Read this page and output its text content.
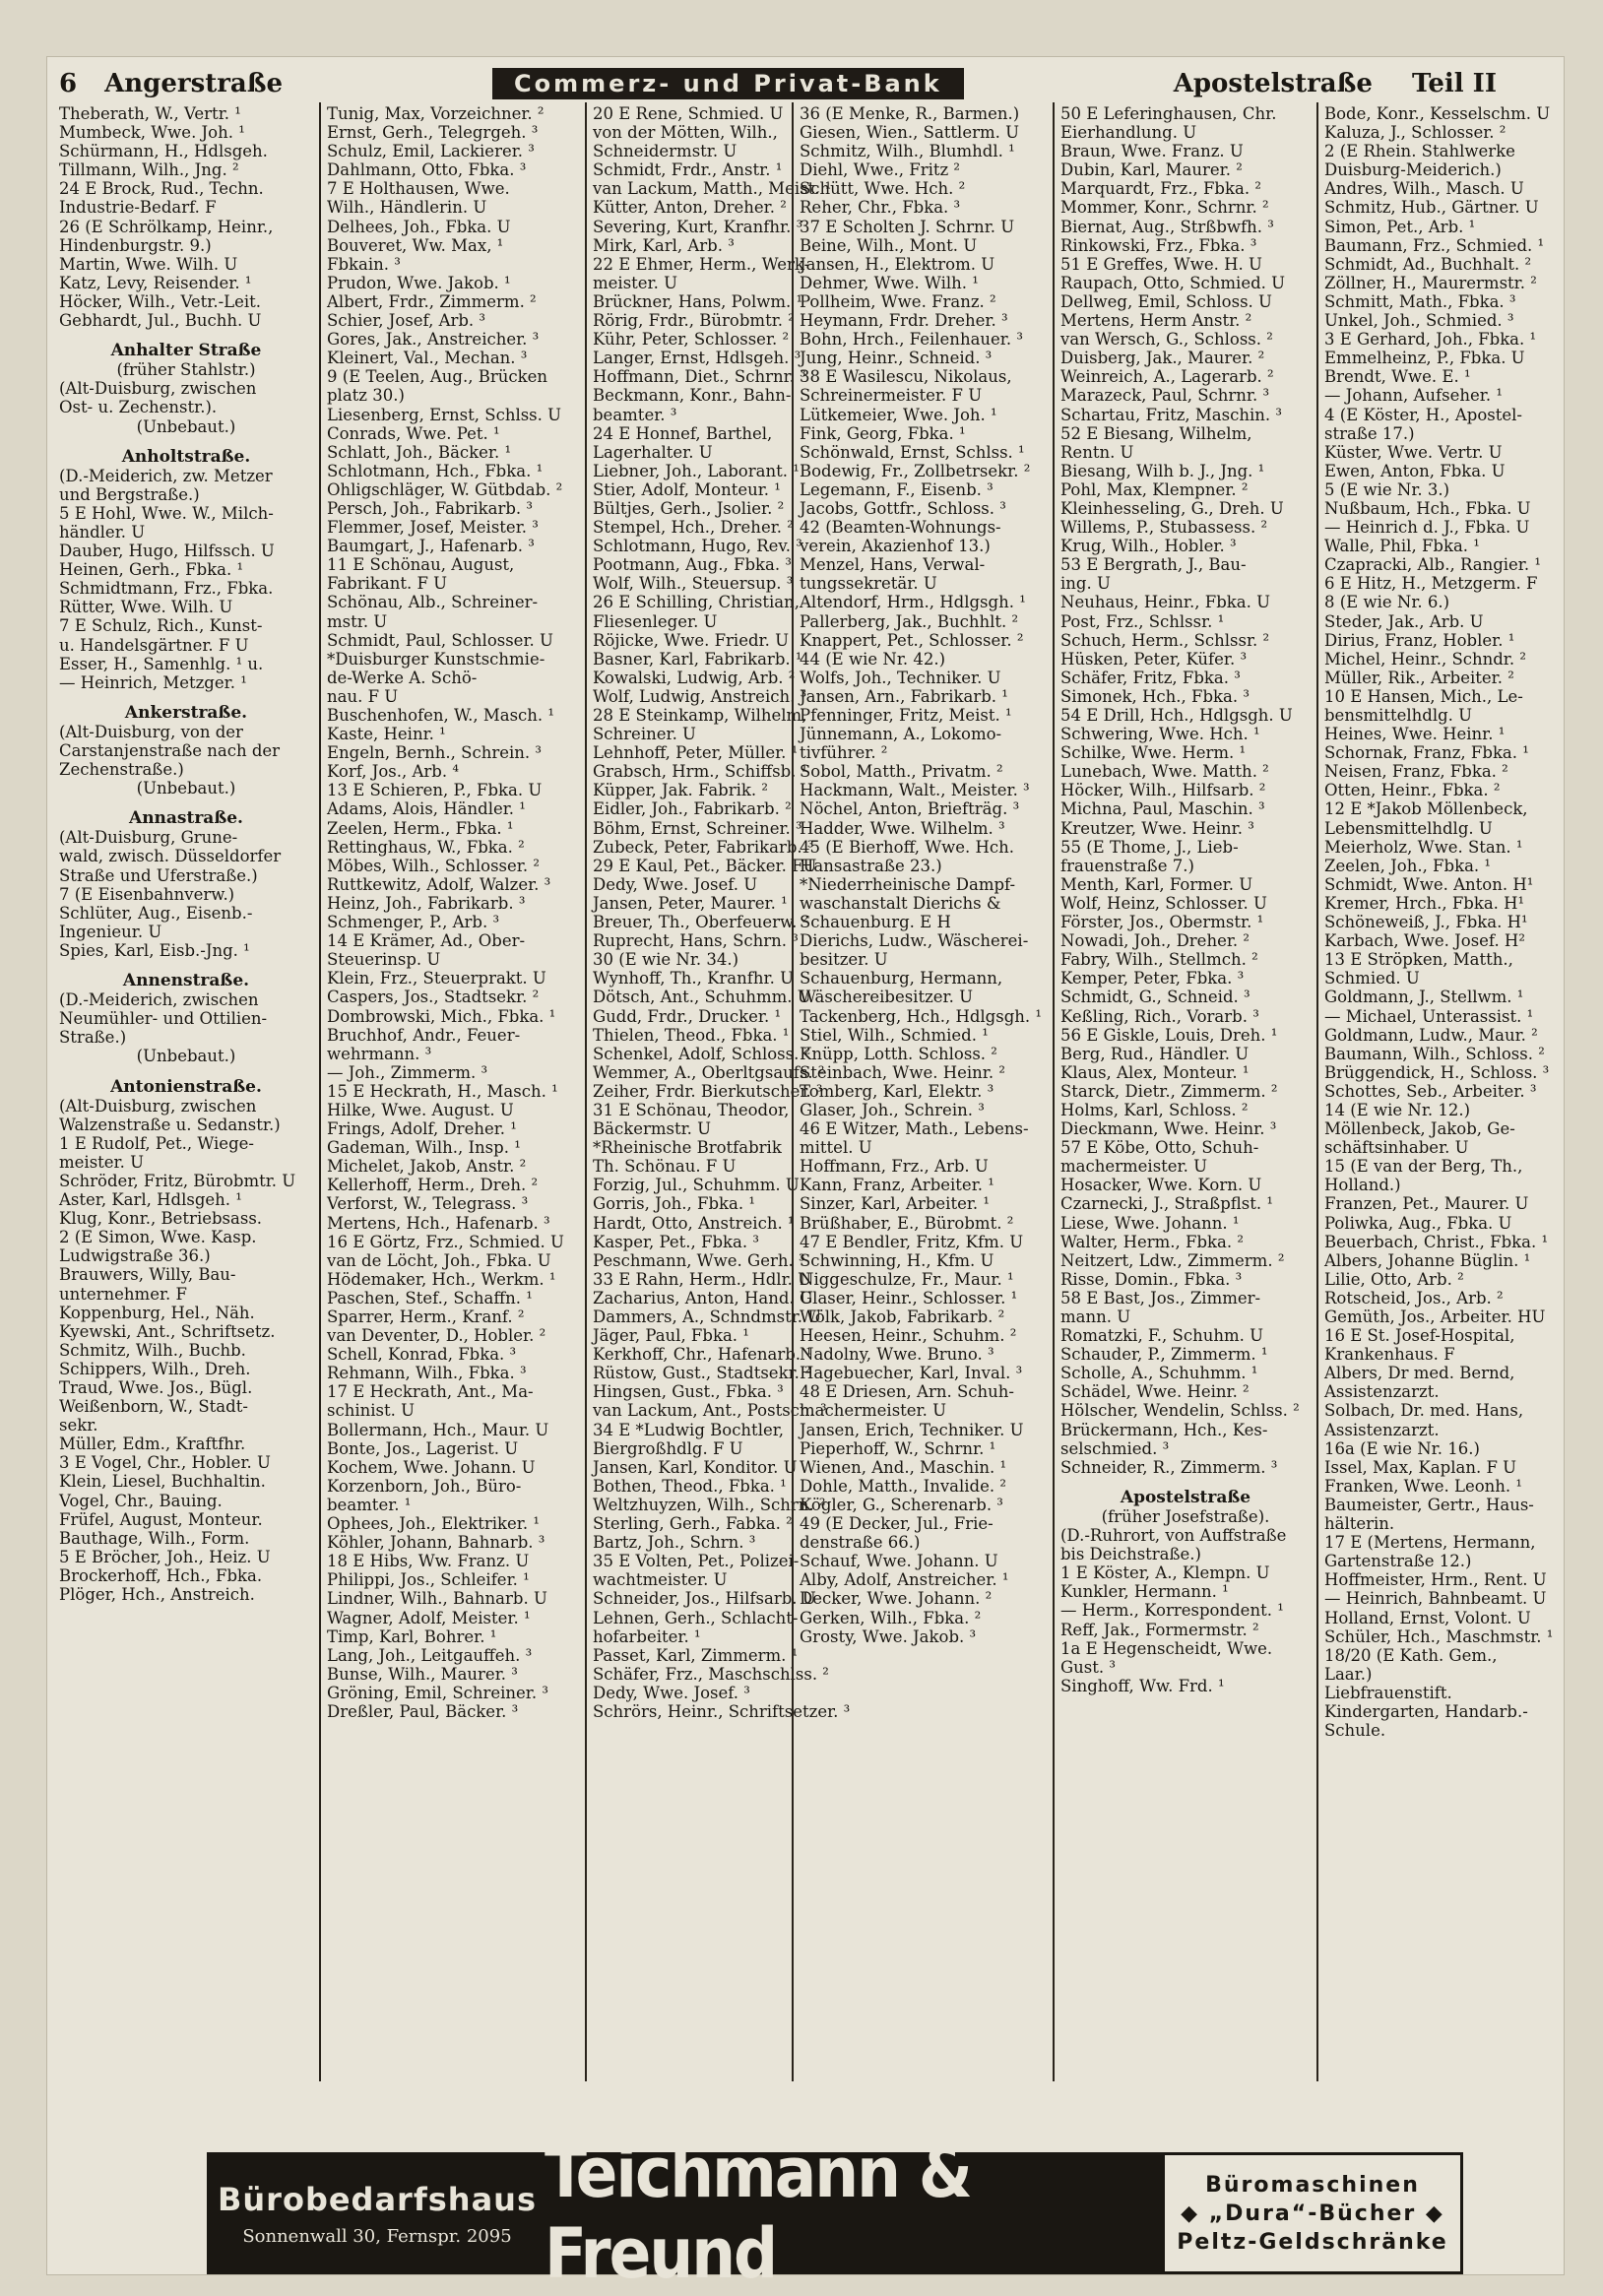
6 Angerstraße	Commerz- und Privat-Bank	Apostelstraße Teil II
Theberath, W., Vertr. ¹
Mumbeck, Wwe. Joh. ¹
Schürmann, H., Hdlsgeh.
Tillmann, Wilh., Jng. ²
24 E Brock, Rud., Techn.
Industrie-Bedarf. F
26 (E Schrölkamp, Heinr.,
Hindenburgstr. 9.)
Martin, Wwe. Wilh. U
Katz, Levy, Reisender. ¹
Höcker, Wilh., Vetr.-Leit.
Gebhardt, Jul., Buchh. U
Anhalter Straße
(früher Stahlstr.)
(Alt-Duisburg, zwischen
Ost- u. Zechenstr.).
(Unbebaut.)
Anholtstraße.
(D.-Meiderich, zw. Metzer
und Bergstraße.)
5 E Hohl, Wwe. W., Milch-
händler. U
Dauber, Hugo, Hilfssch. U
Heinen, Gerh., Fbka. ¹
Schmidtmann, Frz., Fbka.
Rütter, Wwe. Wilh. U
7 E Schulz, Rich., Kunst-
u. Handelsgärtner. F U
Esser, H., Samenhlg. ¹ u.
— Heinrich, Metzger. ¹
Ankerstraße.
(Alt-Duisburg, von der
Carstanjenstraße nach der
Zechenstraße.)
(Unbebaut.)
Annastraße.
(Alt-Duisburg, Grune-
wald, zwisch. Düsseldorfer
Straße und Uferstraße.)
7 (E Eisenbahnverw.)
Schlüter, Aug., Eisenb.-
Ingenieur. U
Spies, Karl, Eisb.-Jng. ¹
Annenstraße.
(D.-Meiderich, zwischen
Neumühler- und Ottilien-
Straße.)
(Unbebaut.)
Antonienstraße.
(Alt-Duisburg, zwischen
Walzenstraße u. Sedanstr.)
1 E Rudolf, Pet., Wiege-
meister. U
Schröder, Fritz, Bürobmtr. U
Aster, Karl, Hdlsgeh. ¹
Klug, Konr., Betriebsass.
2 (E Simon, Wwe. Kasp.
Ludwigstraße 36.)
Brauwers, Willy, Bau-
unternehmer. F
Koppenburg, Hel., Näh.
Kyewski, Ant., Schriftsetz.
Schmitz, Wilh., Buchb.
Schippers, Wilh., Dreh.
Traud, Wwe. Jos., Bügl.
Weißenborn, W., Stadt-
sekr.
Müller, Edm., Kraftfhr.
3 E Vogel, Chr., Hobler. U
Klein, Liesel, Buchhaltin.
Vogel, Chr., Bauing.
Früfel, August, Monteur.
Bauthage, Wilh., Form.
5 E Bröcher, Joh., Heiz. U
Brockerhoff, Hch., Fbka.
Plöger, Hch., Anstreich.
Tunig, Max, Vorzeichner. ²
Ernst, Gerh., Telegrgeh. ³
Schulz, Emil, Lackierer. ³
Dahlmann, Otto, Fbka. ³
7 E Holthausen, Wwe.
Wilh., Händlerin. U
Delhees, Joh., Fbka. U
Bouveret, Ww. Max, ¹
Fbkain. ³
Prudon, Wwe. Jakob. ¹
Albert, Frdr., Zimmerm. ²
Schier, Josef, Arb. ³
Gores, Jak., Anstreicher. ³
Kleinert, Val., Mechan. ³
9 (E Teelen, Aug., Brücken
platz 30.)
Liesenberg, Ernst, Schlss. U
Conrads, Wwe. Pet. ¹
Schlatt, Joh., Bäcker. ¹
Schlotmann, Hch., Fbka. ¹
Ohligschläger, W. Gütbdab. ²
Persch, Joh., Fabrikarb. ³
Flemmer, Josef, Meister. ³
Baumgart, J., Hafenarb. ³
11 E Schönau, August,
Fabrikant. F U
Schönau, Alb., Schreiner-
mstr. U
Schmidt, Paul, Schlosser. U
*Duisburger Kunstschmie-
de-Werke A. Schö-
nau. F U
Buschenhofen, W., Masch. ¹
Kaste, Heinr. ¹
Engeln, Bernh., Schrein. ³
Korf, Jos., Arb. ⁴
13 E Schieren, P., Fbka. U
Adams, Alois, Händler. ¹
Zeelen, Herm., Fbka. ¹
Rettinghaus, W., Fbka. ²
Möbes, Wilh., Schlosser. ²
Ruttkewitz, Adolf, Walzer. ³
Heinz, Joh., Fabrikarb. ³
Schmenger, P., Arb. ³
14 E Krämer, Ad., Ober-
Steuerinsp. U
Klein, Frz., Steuerprakt. U
Caspers, Jos., Stadtsekr. ²
Dombrowski, Mich., Fbka. ¹
Bruchhof, Andr., Feuer-
wehrmann. ³
— Joh., Zimmerm. ³
15 E Heckrath, H., Masch. ¹
Hilke, Wwe. August. U
Frings, Adolf, Dreher. ¹
Gademan, Wilh., Insp. ¹
Michelet, Jakob, Anstr. ²
Kellerhoff, Herm., Dreh. ²
Verforst, W., Telegrass. ³
Mertens, Hch., Hafenarb. ³
16 E Görtz, Frz., Schmied. U
van de Löcht, Joh., Fbka. U
Hödemaker, Hch., Werkm. ¹
Paschen, Stef., Schaffn. ¹
Sparrer, Herm., Kranf. ²
van Deventer, D., Hobler. ²
Schell, Konrad, Fbka. ³
Rehmann, Wilh., Fbka. ³
17 E Heckrath, Ant., Ma-
schinist. U
Bollermann, Hch., Maur. U
Bonte, Jos., Lagerist. U
Kochem, Wwe. Johann. U
Korzenborn, Joh., Büro-
beamter. ¹
Ophees, Joh., Elektriker. ¹
Köhler, Johann, Bahnarb. ³
18 E Hibs, Ww. Franz. U
Philippi, Jos., Schleifer. ¹
Lindner, Wilh., Bahnarb. U
Wagner, Adolf, Meister. ¹
Timp, Karl, Bohrer. ¹
Lang, Joh., Leitgauffeh. ³
Bunse, Wilh., Maurer. ³
Gröning, Emil, Schreiner. ³
Dreßler, Paul, Bäcker. ³
20 E Rene, Schmied. U
von der Mötten, Wilh.,
Schneidermstr. U
Schmidt, Frdr., Anstr. ¹
van Lackum, Matth., Meist. ¹
Kütter, Anton, Dreher. ²
Severing, Kurt, Kranfhr. ³
Mirk, Karl, Arb. ³
22 E Ehmer, Herm., Werk-
meister. U
Brückner, Hans, Polwm. ¹
Rörig, Frdr., Bürobmtr. ²
Kühr, Peter, Schlosser. ²
Langer, Ernst, Hdlsgeh. ³
Hoffmann, Diet., Schrnr. ³
Beckmann, Konr., Bahn-
beamter. ³
24 E Honnef, Barthel,
Lagerhalter. U
Liebner, Joh., Laborant. ¹
Stier, Adolf, Monteur. ¹
Bültjes, Gerh., Jsolier. ²
Stempel, Hch., Dreher. ²
Schlotmann, Hugo, Rev. ³
Pootmann, Aug., Fbka. ³
Wolf, Wilh., Steuersup. ³
26 E Schilling, Christian,
Fliesenleger. U
Röjicke, Wwe. Friedr. U
Basner, Karl, Fabrikarb. ¹
Kowalski, Ludwig, Arb. ²
Wolf, Ludwig, Anstreich. ³
28 E Steinkamp, Wilhelm,
Schreiner. U
Lehnhoff, Peter, Müller. ¹
Grabsch, Hrm., Schiffsb. ¹
Küpper, Jak. Fabrik. ²
Eidler, Joh., Fabrikarb. ²
Böhm, Ernst, Schreiner. ³
Zubeck, Peter, Fabrikarb. ³
29 E Kaul, Pet., Bäcker. FU
Dedy, Wwe. Josef. U
Jansen, Peter, Maurer. ¹
Breuer, Th., Oberfeuerw. ²
Ruprecht, Hans, Schrn. ³
30 (E wie Nr. 34.)
Wynhoff, Th., Kranfhr. U
Dötsch, Ant., Schuhmm. U
Gudd, Frdr., Drucker. ¹
Thielen, Theod., Fbka. ¹
Schenkel, Adolf, Schloss. ²
Wemmer, A., Oberltgsaufs. ²
Zeiher, Frdr. Bierkutscher. ³
31 E Schönau, Theodor,
Bäckermstr. U
*Rheinische Brotfabrik
Th. Schönau. F U
Forzig, Jul., Schuhmm. U
Gorris, Joh., Fbka. ¹
Hardt, Otto, Anstreich. ¹
Kasper, Pet., Fbka. ³
Peschmann, Wwe. Gerh. ³
33 E Rahn, Herm., Hdlr. U
Zacharius, Anton, Hand. U
Dammers, A., Schndmstr. U
Jäger, Paul, Fbka. ¹
Kerkhoff, Chr., Hafenarb. ¹
Rüstow, Gust., Stadtsekr. ²
Hingsen, Gust., Fbka. ³
van Lackum, Ant., Postsch. ³
34 E *Ludwig Bochtler,
Biergroßhdlg. F U
Jansen, Karl, Konditor. U
Bothen, Theod., Fbka. ¹
Weltzhuyzen, Wilh., Schrn. ²
Sterling, Gerh., Fabka. ²
Bartz, Joh., Schrn. ³
35 E Volten, Pet., Polizei-
wachtmeister. U
Schneider, Jos., Hilfsarb. U
Lehnen, Gerh., Schlacht-
hofarbeiter. ¹
Passet, Karl, Zimmerm. ¹
Schäfer, Frz., Maschschlss. ²
Dedy, Wwe. Josef. ³
Schrörs, Heinr., Schriftsetzer. ³
36 (E Menke, R., Barmen.)
Giesen, Wien., Sattlerm. U
Schmitz, Wilh., Blumhdl. ¹
Diehl, Wwe., Fritz ²
Schütt, Wwe. Hch. ²
Reher, Chr., Fbka. ³
37 E Scholten J. Schrnr. U
Beine, Wilh., Mont. U
Jansen, H., Elektrom. U
Dehmer, Wwe. Wilh. ¹
Pollheim, Wwe. Franz. ²
Heymann, Frdr. Dreher. ³
Bohn, Hrch., Feilenhauer. ³
Jung, Heinr., Schneid. ³
38 E Wasilescu, Nikolaus,
Schreinermeister. F U
Lütkemeier, Wwe. Joh. ¹
Fink, Georg, Fbka. ¹
Schönwald, Ernst, Schlss. ¹
Bodewig, Fr., Zollbetrsekr. ²
Legemann, F., Eisenb. ³
Jacobs, Gottfr., Schloss. ³
42 (Beamten-Wohnungs-
verein, Akazienhof 13.)
Menzel, Hans, Verwal-
tungssekretär. U
Altendorf, Hrm., Hdlgsgh. ¹
Pallerberg, Jak., Buchhlt. ²
Knappert, Pet., Schlosser. ²
44 (E wie Nr. 42.)
Wolfs, Joh., Techniker. U
Jansen, Arn., Fabrikarb. ¹
Pfenninger, Fritz, Meist. ¹
Jünnemann, A., Lokomo-
tivführer. ²
Sobol, Matth., Privatm. ²
Hackmann, Walt., Meister. ³
Nöchel, Anton, Briefträg. ³
Hadder, Wwe. Wilhelm. ³
45 (E Bierhoff, Wwe. Hch.
Hansastraße 23.)
*Niederrheinische Dampf-
waschanstalt Dierichs &
Schauenburg. E H
Dierichs, Ludw., Wäscherei-
besitzer. U
Schauenburg, Hermann,
Wäschereibesitzer. U
Tackenberg, Hch., Hdlgsgh. ¹
Stiel, Wilh., Schmied. ¹
Knüpp, Lotth. Schloss. ²
Steinbach, Wwe. Heinr. ²
Tomberg, Karl, Elektr. ³
Glaser, Joh., Schrein. ³
46 E Witzer, Math., Lebens-
mittel. U
Hoffmann, Frz., Arb. U
Kann, Franz, Arbeiter. ¹
Sinzer, Karl, Arbeiter. ¹
Brüßhaber, E., Bürobmt. ²
47 E Bendler, Fritz, Kfm. U
Schwinning, H., Kfm. U
Niggeschulze, Fr., Maur. ¹
Glaser, Heinr., Schlosser. ¹
Wölk, Jakob, Fabrikarb. ²
Heesen, Heinr., Schuhm. ²
Nadolny, Wwe. Bruno. ³
Hagebuecher, Karl, Inval. ³
48 E Driesen, Arn. Schuh-
machermeister. U
Jansen, Erich, Techniker. U
Pieperhoff, W., Schrnr. ¹
Wienen, And., Maschin. ¹
Dohle, Matth., Invalide. ²
Kögler, G., Scherenarb. ³
49 (E Decker, Jul., Frie-
denstraße 66.)
Schauf, Wwe. Johann. U
Alby, Adolf, Anstreicher. ¹
Decker, Wwe. Johann. ²
Gerken, Wilh., Fbka. ²
Grosty, Wwe. Jakob. ³
50 E Leferinghausen, Chr.
Eierhandlung. U
Braun, Wwe. Franz. U
Dubin, Karl, Maurer. ²
Marquardt, Frz., Fbka. ²
Mommer, Konr., Schrnr. ²
Biernat, Aug., Strßbwfh. ³
Rinkowski, Frz., Fbka. ³
51 E Greffes, Wwe. H. U
Raupach, Otto, Schmied. U
Dellweg, Emil, Schloss. U
Mertens, Herm Anstr. ²
van Wersch, G., Schloss. ²
Duisberg, Jak., Maurer. ²
Weinreich, A., Lagerarb. ²
Marazeck, Paul, Schrnr. ³
Schartau, Fritz, Maschin. ³
52 E Biesang, Wilhelm,
Rentn. U
Biesang, Wilh b. J., Jng. ¹
Pohl, Max, Klempner. ²
Kleinhesseling, G., Dreh. U
Willems, P., Stubassess. ²
Krug, Wilh., Hobler. ³
53 E Bergrath, J., Bau-
ing. U
Neuhaus, Heinr., Fbka. U
Post, Frz., Schlssr. ¹
Schuch, Herm., Schlssr. ²
Hüsken, Peter, Küfer. ³
Schäfer, Fritz, Fbka. ³
Simonek, Hch., Fbka. ³
54 E Drill, Hch., Hdlgsgh. U
Schwering, Wwe. Hch. ¹
Schilke, Wwe. Herm. ¹
Lunebach, Wwe. Matth. ²
Höcker, Wilh., Hilfsarb. ²
Michna, Paul, Maschin. ³
Kreutzer, Wwe. Heinr. ³
55 (E Thome, J., Lieb-
frauenstraße 7.)
Menth, Karl, Former. U
Wolf, Heinz, Schlosser. U
Förster, Jos., Obermstr. ¹
Nowadi, Joh., Dreher. ²
Fabry, Wilh., Stellmch. ²
Kemper, Peter, Fbka. ³
Schmidt, G., Schneid. ³
Keßling, Rich., Vorarb. ³
56 E Giskle, Louis, Dreh. ¹
Berg, Rud., Händler. U
Klaus, Alex, Monteur. ¹
Starck, Dietr., Zimmerm. ²
Holms, Karl, Schloss. ²
Dieckmann, Wwe. Heinr. ³
57 E Köbe, Otto, Schuh-
machermeister. U
Hosacker, Wwe. Korn. U
Czarnecki, J., Straßpflst. ¹
Liese, Wwe. Johann. ¹
Walter, Herm., Fbka. ²
Neitzert, Ldw., Zimmerm. ²
Risse, Domin., Fbka. ³
58 E Bast, Jos., Zimmer-
mann. U
Romatzki, F., Schuhm. U
Schauder, P., Zimmerm. ¹
Scholle, A., Schuhmm. ¹
Schädel, Wwe. Heinr. ²
Hölscher, Wendelin, Schlss. ²
Brückermann, Hch., Kes-
selschmied. ³
Schneider, R., Zimmerm. ³
Apostelstraße
(früher Josefstraße).
(D.-Ruhrort, von Auffstraße
bis Deichstraße.)
1 E Köster, A., Klempn. U
Kunkler, Hermann. ¹
— Herm., Korrespondent. ¹
Reff, Jak., Formermstr. ²
1a E Hegenscheidt, Wwe.
Gust. ³
Singhoff, Ww. Frd. ¹
Bode, Konr., Kesselschm. U
Kaluza, J., Schlosser. ²
2 (E Rhein. Stahlwerke
Duisburg-Meiderich.)
Andres, Wilh., Masch. U
Schmitz, Hub., Gärtner. U
Simon, Pet., Arb. ¹
Baumann, Frz., Schmied. ¹
Schmidt, Ad., Buchhalt. ²
Zöllner, H., Maurermstr. ²
Schmitt, Math., Fbka. ³
Unkel, Joh., Schmied. ³
3 E Gerhard, Joh., Fbka. ¹
Emmelheinz, P., Fbka. U
Brendt, Wwe. E. ¹
— Johann, Aufseher. ¹
4 (E Köster, H., Apostel-
straße 17.)
Küster, Wwe. Vertr. U
Ewen, Anton, Fbka. U
5 (E wie Nr. 3.)
Nußbaum, Hch., Fbka. U
— Heinrich d. J., Fbka. U
Walle, Phil, Fbka. ¹
Czapracki, Alb., Rangier. ¹
6 E Hitz, H., Metzgerm. F
8 (E wie Nr. 6.)
Steder, Jak., Arb. U
Dirius, Franz, Hobler. ¹
Michel, Heinr., Schndr. ²
Müller, Rik., Arbeiter. ²
10 E Hansen, Mich., Le-
bensmittelhdlg. U
Heines, Wwe. Heinr. ¹
Schornak, Franz, Fbka. ¹
Neisen, Franz, Fbka. ²
Otten, Heinr., Fbka. ²
12 E *Jakob Möllenbeck,
Lebensmittelhdlg. U
Meierholz, Wwe. Stan. ¹
Zeelen, Joh., Fbka. ¹
Schmidt, Wwe. Anton. H¹
Kremer, Hrch., Fbka. H¹
Schöneweiß, J., Fbka. H¹
Karbach, Wwe. Josef. H²
13 E Ströpken, Matth.,
Schmied. U
Goldmann, J., Stellwm. ¹
— Michael, Unterassist. ¹
Goldmann, Ludw., Maur. ²
Baumann, Wilh., Schloss. ²
Brüggendick, H., Schloss. ³
Schottes, Seb., Arbeiter. ³
14 (E wie Nr. 12.)
Möllenbeck, Jakob, Ge-
schäftsinhaber. U
15 (E van der Berg, Th.,
Holland.)
Franzen, Pet., Maurer. U
Poliwka, Aug., Fbka. U
Beuerbach, Christ., Fbka. ¹
Albers, Johanne Büglin. ¹
Lilie, Otto, Arb. ²
Rotscheid, Jos., Arb. ²
Gemüth, Jos., Arbeiter. HU
16 E St. Josef-Hospital,
Krankenhaus. F
Albers, Dr med. Bernd,
Assistenzarzt.
Solbach, Dr. med. Hans,
Assistenzarzt.
16a (E wie Nr. 16.)
Issel, Max, Kaplan. F U
Franken, Wwe. Leonh. ¹
Baumeister, Gertr., Haus-
hälterin.
17 E (Mertens, Hermann,
Gartenstraße 12.)
Hoffmeister, Hrm., Rent. U
— Heinrich, Bahnbeamt. U
Holland, Ernst, Volont. U
Schüler, Hch., Maschmstr. ¹
18/20 (E Kath. Gem.,
Laar.)
Liebfrauenstift.
Kindergarten, Handarb.-
Schule.
Bürobedarfshaus
Sonnenwall 30, Fernspr. 2095
Teichmann & Freund
Büromaschinen
◆ „Dura“-Bücher ◆
Peltz-Geldschränke
